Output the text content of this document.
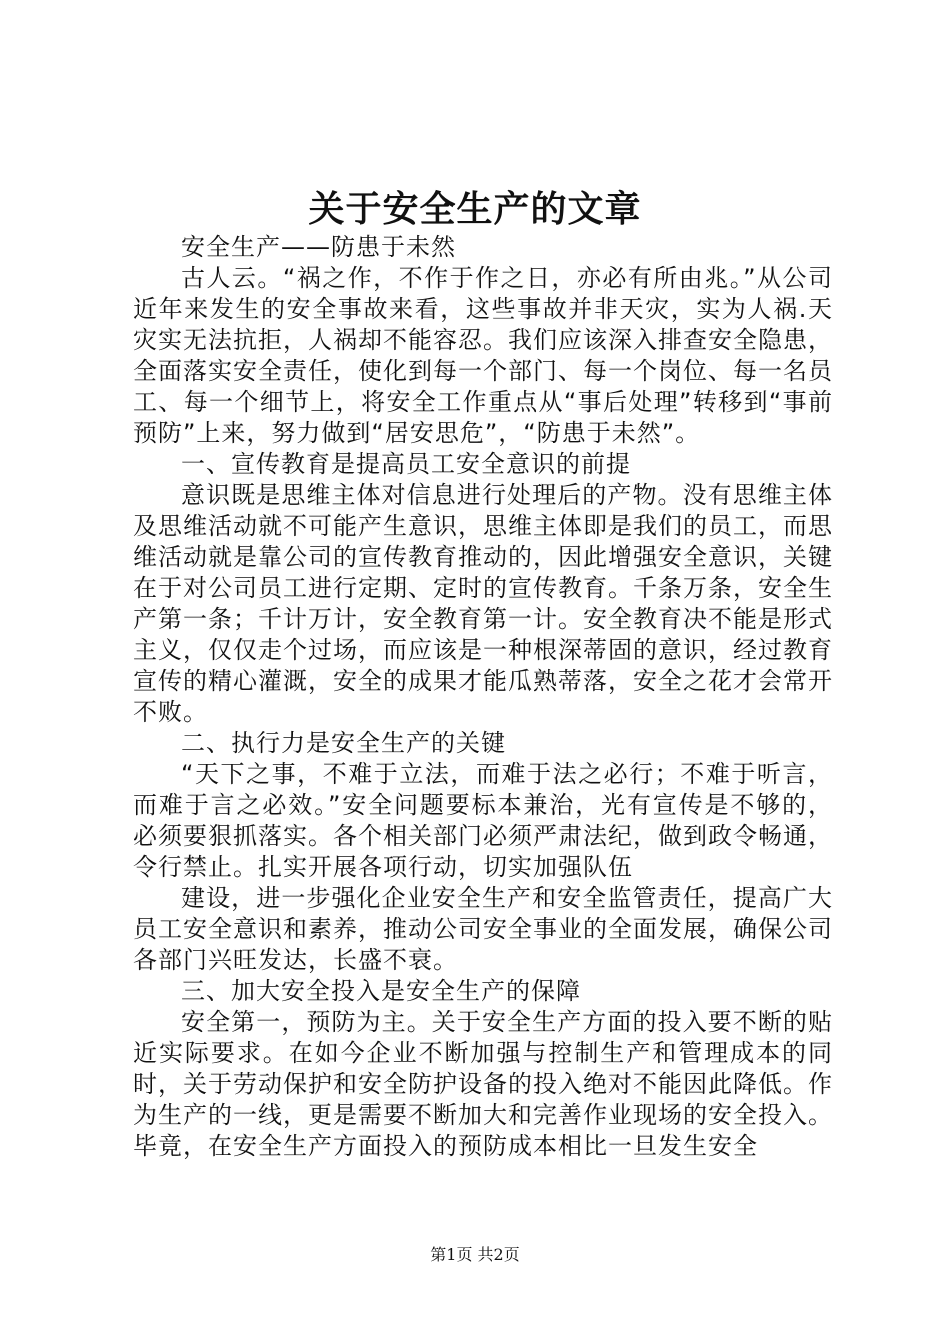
关于安全生产的文章

安全生产——防患于未然

古人云。“祸之作，不作于作之日，亦必有所由兆。”从公司近年来发生的安全事故来看，这些事故并非天灾，实为人祸.天灾实无法抗拒，人祸却不能容忍。我们应该深入排查安全隐患，全面落实安全责任，使化到每一个部门、每一个岗位、每一名员工、每一个细节上，将安全工作重点从“事后处理”转移到“事前预防”上来，努力做到“居安思危”，“防患于未然”。

一、宣传教育是提高员工安全意识的前提

意识既是思维主体对信息进行处理后的产物。没有思维主体及思维活动就不可能产生意识，思维主体即是我们的员工，而思维活动就是靠公司的宣传教育推动的，因此增强安全意识，关键在于对公司员工进行定期、定时的宣传教育。千条万条，安全生产第一条；千计万计，安全教育第一计。安全教育决不能是形式主义，仅仅走个过场，而应该是一种根深蒂固的意识，经过教育宣传的精心灌溉，安全的成果才能瓜熟蒂落，安全之花才会常开不败。

二、执行力是安全生产的关键

“天下之事，不难于立法，而难于法之必行；不难于听言，而难于言之必效。”安全问题要标本兼治，光有宣传是不够的，必须要狠抓落实。各个相关部门必须严肃法纪，做到政令畅通，令行禁止。扎实开展各项行动，切实加强队伍

建设，进一步强化企业安全生产和安全监管责任，提高广大员工安全意识和素养，推动公司安全事业的全面发展，确保公司各部门兴旺发达，长盛不衰。

三、加大安全投入是安全生产的保障

安全第一，预防为主。关于安全生产方面的投入要不断的贴近实际要求。在如今企业不断加强与控制生产和管理成本的同时，关于劳动保护和安全防护设备的投入绝对不能因此降低。作为生产的一线，更是需要不断加大和完善作业现场的安全投入。毕竟，在安全生产方面投入的预防成本相比一旦发生安全

第1页 共2页
